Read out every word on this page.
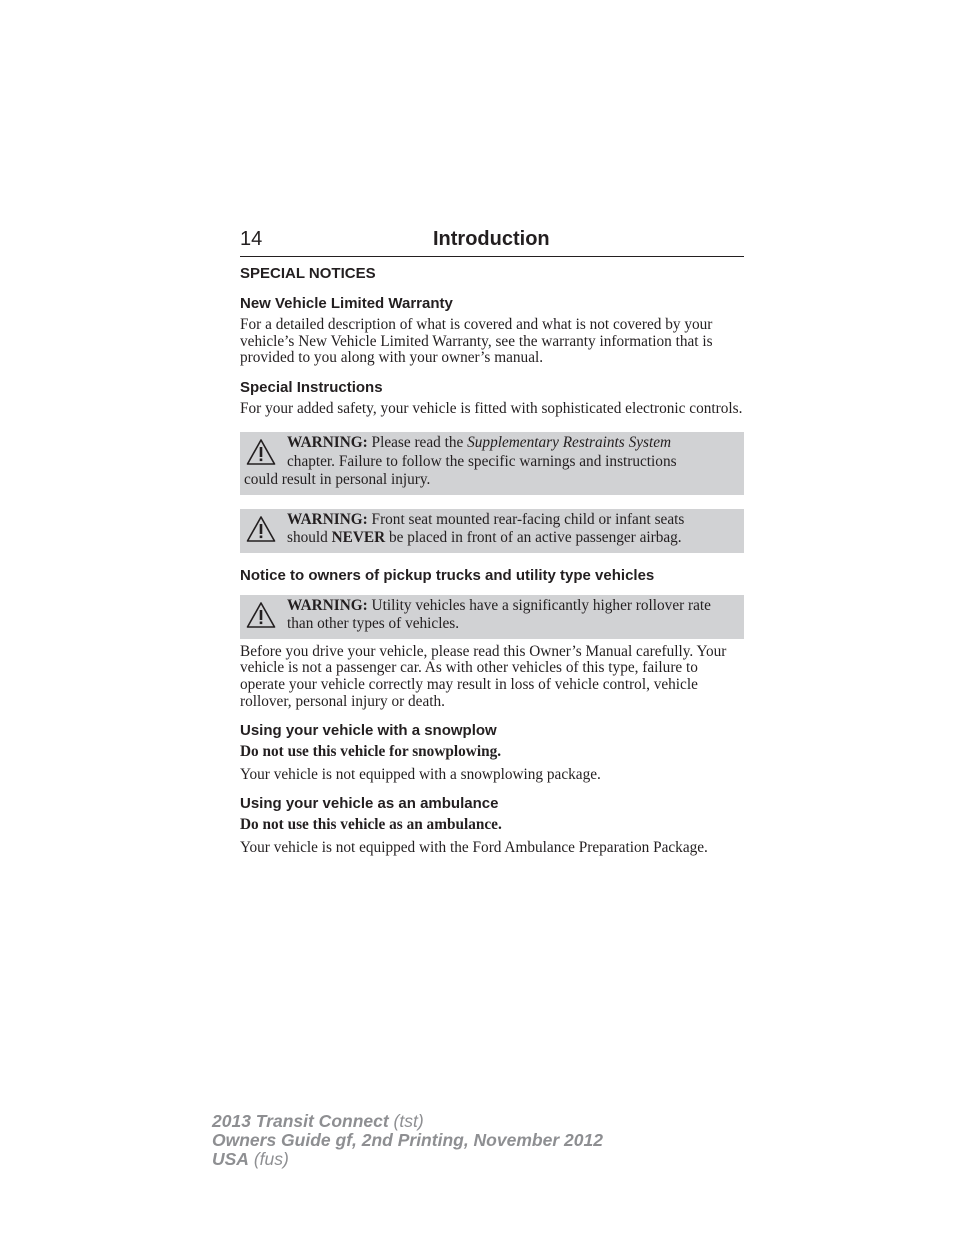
14	Introduction
SPECIAL NOTICES
New Vehicle Limited Warranty

For a detailed description of what is covered and what is not covered by your vehicle’s New Vehicle Limited Warranty, see the warranty information that is provided to you along with your owner’s manual.

Special Instructions

For your added safety, your vehicle is fitted with sophisticated electronic controls.

WARNING: Please read the Supplementary Restraints System
chapter. Failure to follow the specific warnings and instructions
could result in personal injury.
WARNING: Front seat mounted rear-facing child or infant seats
should NEVER be placed in front of an active passenger airbag.
Notice to owners of pickup trucks and utility type vehicles
WARNING: Utility vehicles have a significantly higher rollover rate than other types of vehicles.

Before you drive your vehicle, please read this Owner’s Manual carefully. Your vehicle is not a passenger car. As with other vehicles of this type, failure to operate your vehicle correctly may result in loss of vehicle control, vehicle rollover, personal injury or death.

Using your vehicle with a snowplow

Do not use this vehicle for snowplowing.

Your vehicle is not equipped with a snowplowing package.

Using your vehicle as an ambulance

Do not use this vehicle as an ambulance.

Your vehicle is not equipped with the Ford Ambulance Preparation Package.

2013 Transit Connect (tst)
Owners Guide gf, 2nd Printing, November 2012
USA (fus)
